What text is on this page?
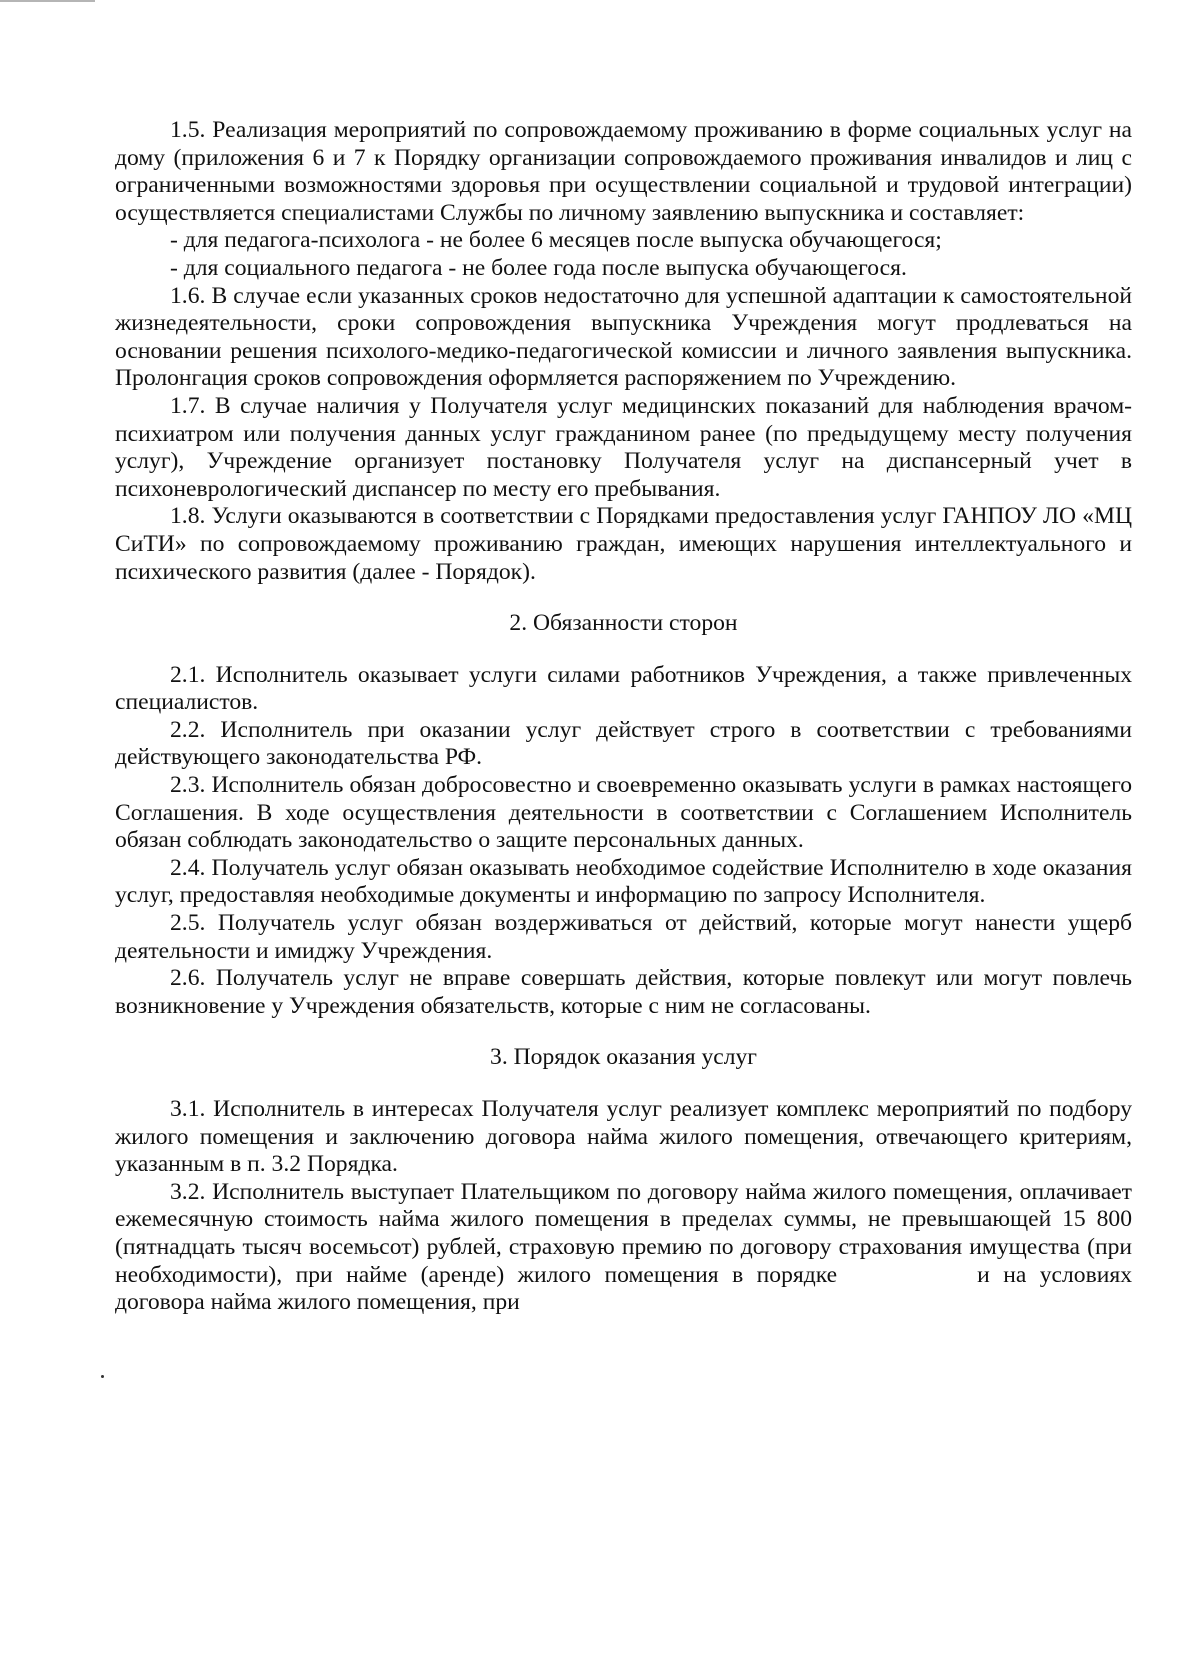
1.5. Реализация мероприятий по сопровождаемому проживанию в форме социальных услуг на дому (приложения 6 и 7 к Порядку организации сопровождаемого проживания инвалидов и лиц с ограниченными возможностями здоровья при осуществлении социальной и трудовой интеграции) осуществляется специалистами Службы по личному заявлению выпускника и составляет:

- для педагога-психолога - не более 6 месяцев после выпуска обучающегося;

- для социального педагога - не более года после выпуска обучающегося.

1.6. В случае если указанных сроков недостаточно для успешной адаптации к самостоятельной жизнедеятельности, сроки сопровождения выпускника Учреждения могут продлеваться на основании решения психолого-медико-педагогической комиссии и личного заявления выпускника. Пролонгация сроков сопровождения оформляется распоряжением по Учреждению.

1.7. В случае наличия у Получателя услуг медицинских показаний для наблюдения врачом-психиатром или получения данных услуг гражданином ранее (по предыдущему месту получения услуг), Учреждение организует постановку Получателя услуг на диспансерный учет в психоневрологический диспансер по месту его пребывания.

1.8. Услуги оказываются в соответствии с Порядками предоставления услуг ГАНПОУ ЛО «МЦ СиТИ» по сопровождаемому проживанию граждан, имеющих нарушения интеллектуального и психического развития (далее - Порядок).

2. Обязанности сторон

2.1. Исполнитель оказывает услуги силами работников Учреждения, а также привлеченных специалистов.

2.2. Исполнитель при оказании услуг действует строго в соответствии с требованиями действующего законодательства РФ.

2.3. Исполнитель обязан добросовестно и своевременно оказывать услуги в рамках настоящего Соглашения. В ходе осуществления деятельности в соответствии с Соглашением Исполнитель обязан соблюдать законодательство о защите персональных данных.

2.4. Получатель услуг обязан оказывать необходимое содействие Исполнителю в ходе оказания услуг, предоставляя необходимые документы и информацию по запросу Исполнителя.

2.5. Получатель услуг обязан воздерживаться от действий, которые могут нанести ущерб деятельности и имиджу Учреждения.

2.6. Получатель услуг не вправе совершать действия, которые повлекут или могут повлечь возникновение у Учреждения обязательств, которые с ним не согласованы.

3. Порядок оказания услуг

3.1. Исполнитель в интересах Получателя услуг реализует комплекс мероприятий по подбору жилого помещения и заключению договора найма жилого помещения, отвечающего критериям, указанным в п. 3.2 Порядка.

3.2. Исполнитель выступает Плательщиком по договору найма жилого помещения, оплачивает ежемесячную стоимость найма жилого помещения в пределах суммы, не превышающей 15 800 (пятнадцать тысяч восемьсот) рублей, страховую премию по договору страхования имущества (при необходимости), при найме (аренде) жилого помещения в порядке	и на условиях договора найма жилого помещения, при
